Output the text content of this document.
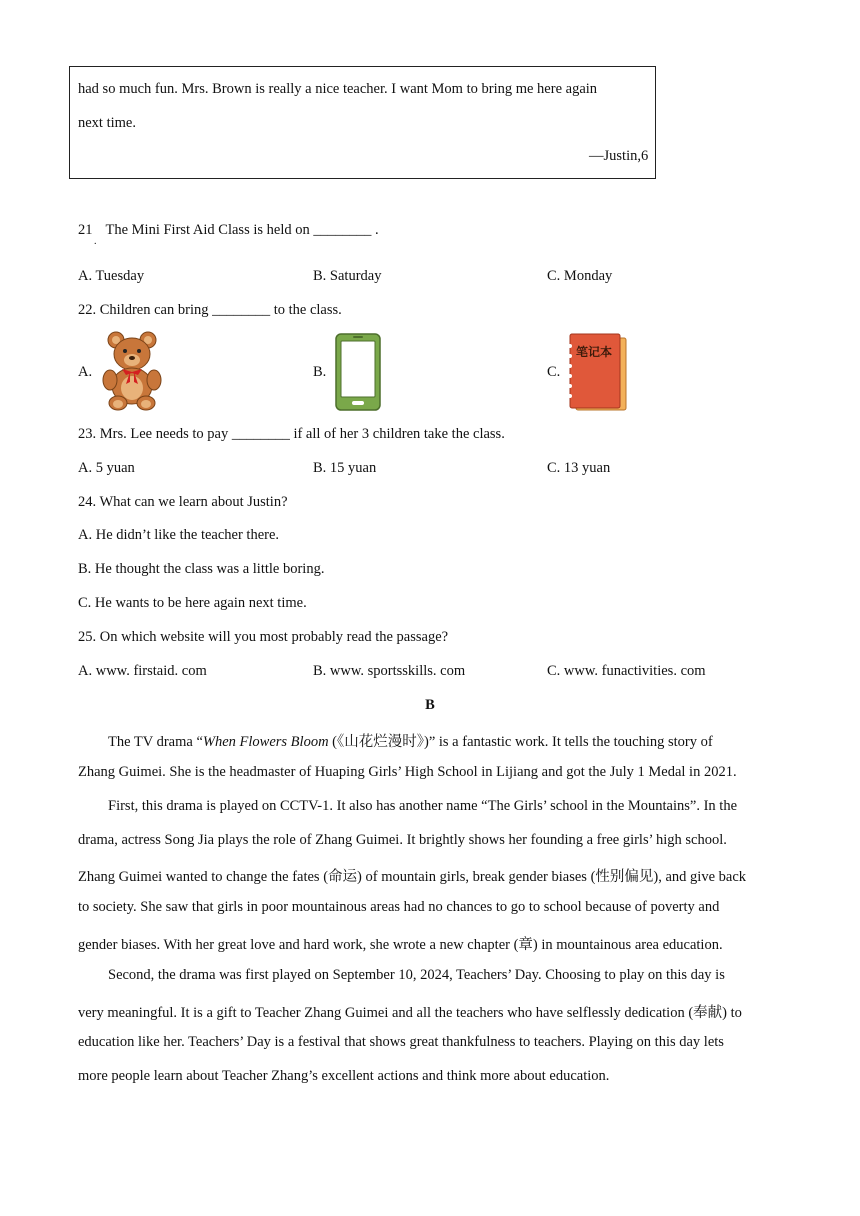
had so much fun. Mrs. Brown is really a nice teacher. I want Mom to bring me here again
next time.
—Justin,6
21 The Mini First Aid Class is held on ________ .
.
A. Tuesday	B. Saturday	C. Monday
22. Children can bring ________ to the class.
A.	B.	C.
笔记本
23. Mrs. Lee needs to pay ________ if all of her 3 children take the class.
A. 5 yuan	B. 15 yuan	C. 13 yuan
24. What can we learn about Justin?
A. He didn’t like the teacher there.
B. He thought the class was a little boring.
C. He wants to be here again next time.
25. On which website will you most probably read the passage?
A. www. firstaid. com	B. www. sportsskills. com	C. www. funactivities. com
B
The TV drama “When Flowers Bloom (《山花烂漫时》)” is a fantastic work. It tells the touching story of
Zhang Guimei. She is the headmaster of Huaping Girls’ High School in Lijiang and got the July 1 Medal in 2021.
First, this drama is played on CCTV-1. It also has another name “The Girls’ school in the Mountains”. In the
drama, actress Song Jia plays the role of Zhang Guimei. It brightly shows her founding a free girls’ high school.
Zhang Guimei wanted to change the fates (命运) of mountain girls, break gender biases (性别偏见), and give back
to society. She saw that girls in poor mountainous areas had no chances to go to school because of poverty and
gender biases. With her great love and hard work, she wrote a new chapter (章) in mountainous area education.
Second, the drama was first played on September 10, 2024, Teachers’ Day. Choosing to play on this day is
very meaningful. It is a gift to Teacher Zhang Guimei and all the teachers who have selflessly dedication (奉献) to
education like her. Teachers’ Day is a festival that shows great thankfulness to teachers. Playing on this day lets
more people learn about Teacher Zhang’s excellent actions and think more about education.
